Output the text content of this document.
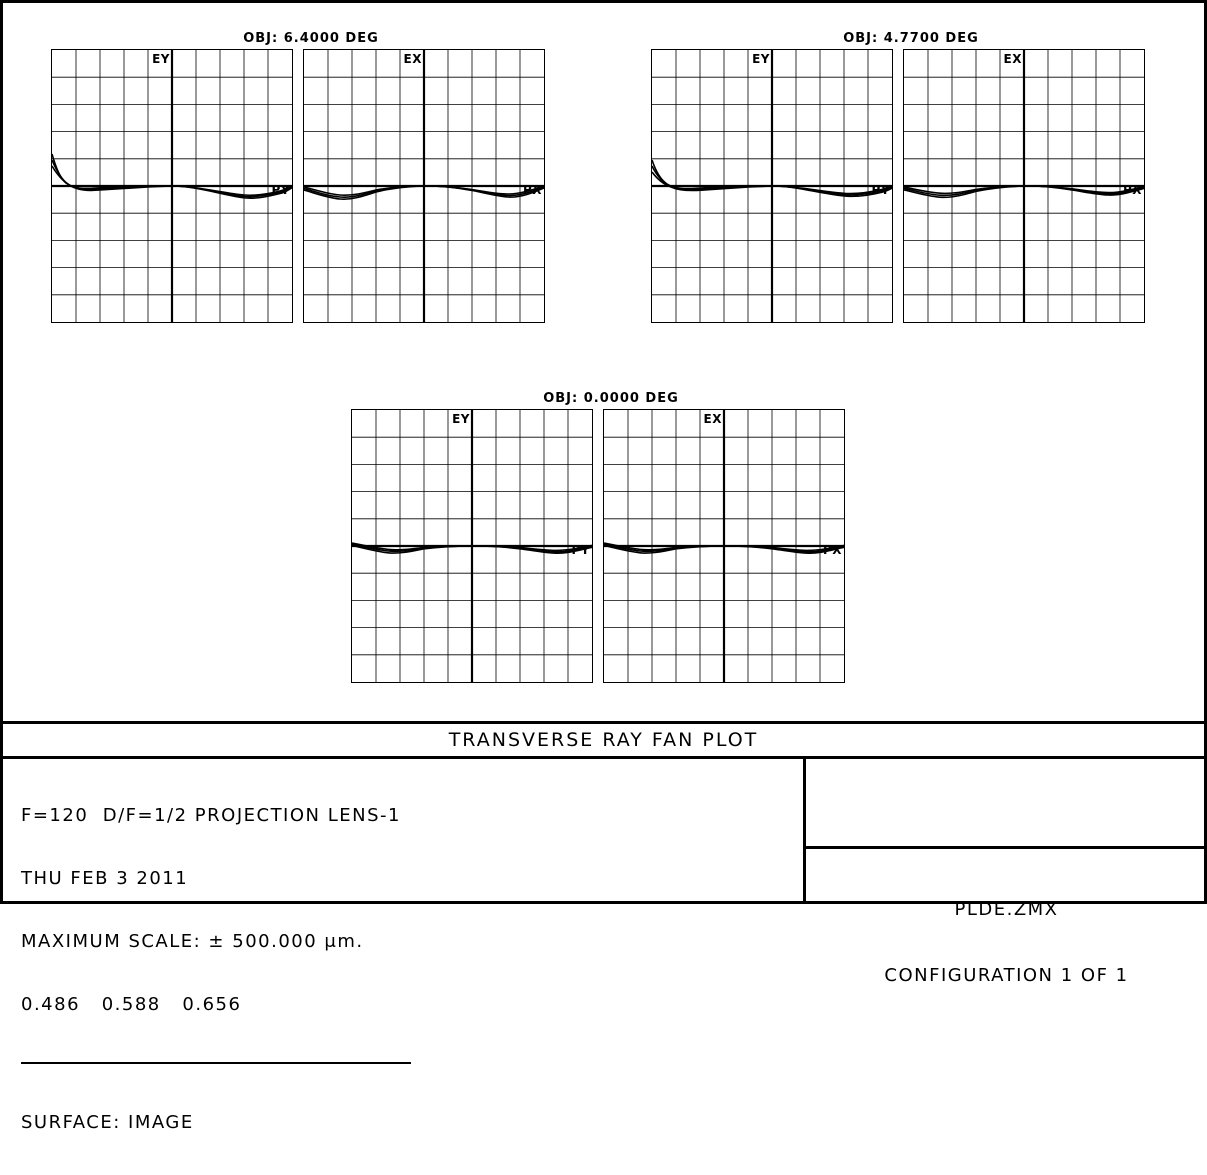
OBJ: 6.4000 DEG
EY
PY
EX
PX
OBJ: 4.7700 DEG
EY
PY
EX
PX
OBJ: 0.0000 DEG
EY
PY
EX
PX
TRANSVERSE RAY FAN PLOT

F=120  D/F=1/2 PROJECTION LENS-1

THU FEB 3 2011

MAXIMUM SCALE: ± 500.000 μm.

0.486   0.588   0.656

SURFACE: IMAGE

PLDE.ZMX

CONFIGURATION 1 OF 1
